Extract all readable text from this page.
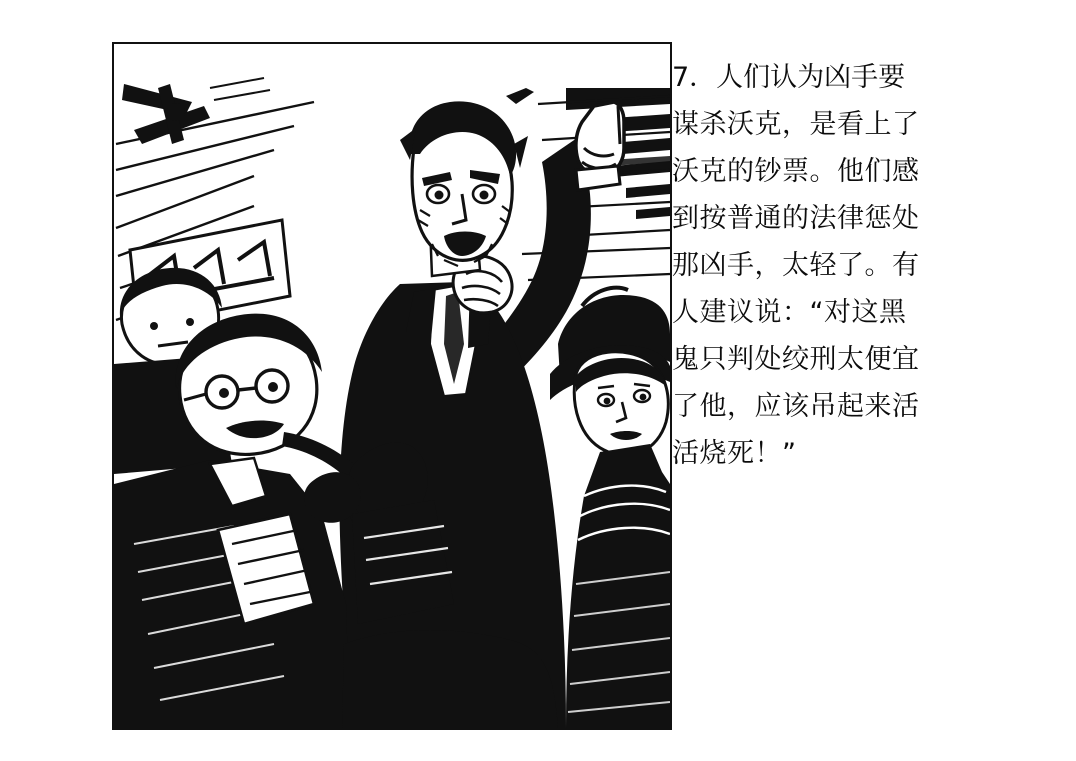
7．人们认为凶手要
谋杀沃克，是看上了
沃克的钞票。他们感
到按普通的法律惩处
那凶手，太轻了。有
人建议说：“对这黑
鬼只判处绞刑太便宜
了他，应该吊起来活
活烧死！”
